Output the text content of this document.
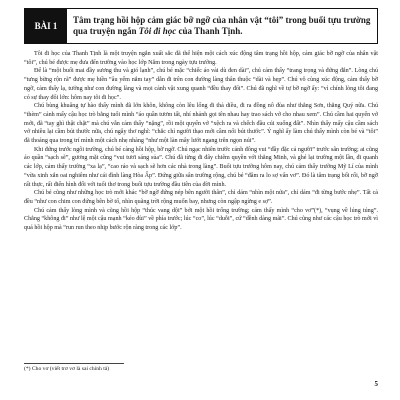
BÀI 1
Tâm trạng hồi hộp cảm giác bỡ ngỡ của nhân vật “tôi” trong buổi tựu trường qua truyện ngắn Tôi đi học của Thanh Tịnh.

Tôi đi học của Thanh Tịnh là một truyện ngắn xuất sắc đã thể hiện một cách xúc động tâm trạng hồi hộp, cảm giác bỡ ngỡ của nhân vật “tôi”, chú bé được mẹ đưa đến trường vào học lớp Năm trong ngày tựu trường.

Để là “một buổi mai đầy sương thu và gió lạnh”, chú bé mặc “chiếc áo vải dù đen dài”, chú cảm thấy “trang trọng và đứng đắn”. Lòng chú “tưng bừng rộn rã” được mẹ hiền “âu yếm nắm tay” dẫn đi trên con đường làng thân thuộc “dài và hẹp”. Chú vô cùng xúc động, cảm thấy bỡ ngỡ, cảm thấy lạ, tưởng như con đường làng và mọi cảnh vật xung quanh “đều thay đổi”. Chú đã nghĩ về tự bỡ ngỡ ấy: “vì chính lòng tôi đang có sự thay đổi lớn: hôm nay tôi đi học”.

Chú bùng khuâng tự hào thấy mình đã lớn khôn, không còn lêu lổng đi thả diều, đi ra đồng nô đùa như thằng Sơn, thằng Quý nữa. Chú “thèm” cảnh mấy cậu học trò bằng tuổi mình “áo quần tươm tất, nhí nhảnh gọi tên nhau hay trao sách vở cho nhau xem”. Chú cầm hai quyển vở mới, đã “tay ghì thật chặt” mà chú vẫn cảm thấy “nặng”, rồi một quyển vở “xệch ra và chếch đầu cúi xuống đất”. Nhìn thấy mấy cậu cầm sách vở nhiều lại cầm bút thước nữa, chú ngây thơ nghĩ: “chắc chỉ người thạo mới cầm nổi bút thước”. Ý nghĩ ấy làm chú thấy mình còn bé và “tôi” đã thoáng qua trong trí mình một cách nhẹ nhàng “như một làn mây lướt ngang trên ngọn núi”.

Khi đứng trước ngôi trường, chú bé càng hồi hộp, bỡ ngỡ. Chú ngạc nhiên trước cảnh đông vui “đầy đặc cả người” trước sân trường; ai cũng áo quần “sạch sẽ”, gương mặt cũng “vui tươi sáng sủa”. Chú đã từng đi đây chiêm quyền với thằng Minh, và ghé lại trường một lần, đi quanh các lớp, cảm thấy trường “xa lạ”, “cao ráo và sạch sẽ hơn các nhà trong làng”. Buổi tựu trường hôm nay, chú cảm thấy trường Mỹ Lí của mình “vừa xinh xắn oai nghiêm như cái đình làng Hòa Ấp”. Đứng giữa sân trường rộng, chú bé “đâm ra lo sợ vẩn vơ”. Đó là tâm trạng bối rối, bỡ ngỡ rất thực, rất điển hình đối với tuổi thơ trong buổi tựu trường đầu tiên của đời mình.

Chú bé cũng như những học trò mới khác “bỡ ngỡ đứng nép bên người thân”, chỉ dám “nhìn một nửa”, chỉ dám “đi từng bước nhẹ”. Tất cả đều “như con chim con đứng bên bờ tổ, nhìn quãng trời rộng muốn bay, nhưng còn ngập ngừng e sợ”.

Chú cảm thấy lòng mình và cũng hồi hộp “thúc vang dội” bởi một hồi trống trường; cảm thấy mình “cho vơ”(*), “vụng về lúng túng”. Chẳng “không đi” như lệ một cậu mạnh “kéo đùi” về phía trước; lúc “co”, lúc “duỗi”, cứ “dềnh dàng mãi”. Chú cũng như các cậu học trò mới vì quá hồi hộp mà “run run theo nhịp bước rộn ràng trong các lớp”.

(*) Cho vơ (viết trơ vơ là sai chính tả)
5
